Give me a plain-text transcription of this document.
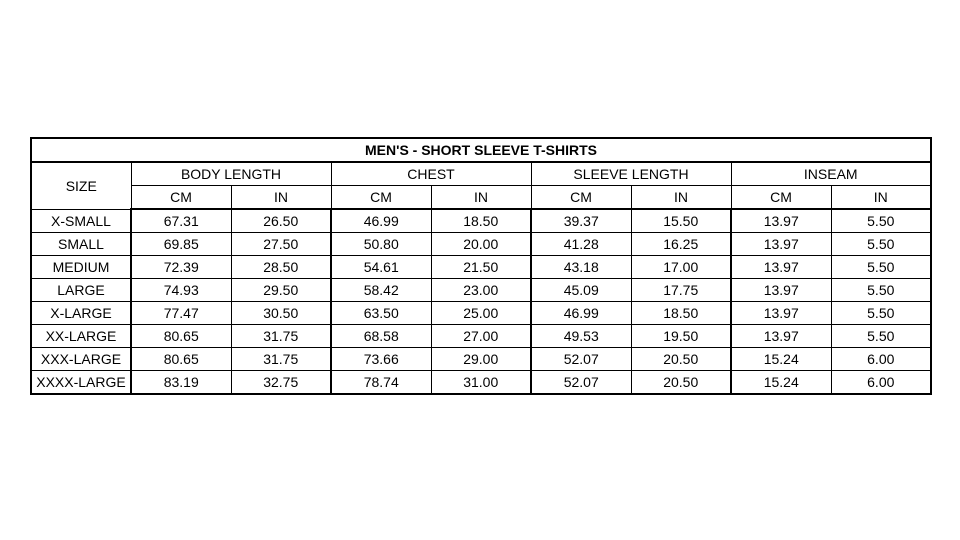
MEN'S - SHORT SLEEVE T-SHIRTS								
SIZE	BODY LENGTH		CHEST		SLEEVE LENGTH		INSEAM	
	CM	IN	CM	IN	CM	IN	CM	IN
X-SMALL	67.31	26.50	46.99	18.50	39.37	15.50	13.97	5.50
SMALL	69.85	27.50	50.80	20.00	41.28	16.25	13.97	5.50
MEDIUM	72.39	28.50	54.61	21.50	43.18	17.00	13.97	5.50
LARGE	74.93	29.50	58.42	23.00	45.09	17.75	13.97	5.50
X-LARGE	77.47	30.50	63.50	25.00	46.99	18.50	13.97	5.50
XX-LARGE	80.65	31.75	68.58	27.00	49.53	19.50	13.97	5.50
XXX-LARGE	80.65	31.75	73.66	29.00	52.07	20.50	15.24	6.00
XXXX-LARGE	83.19	32.75	78.74	31.00	52.07	20.50	15.24	6.00
